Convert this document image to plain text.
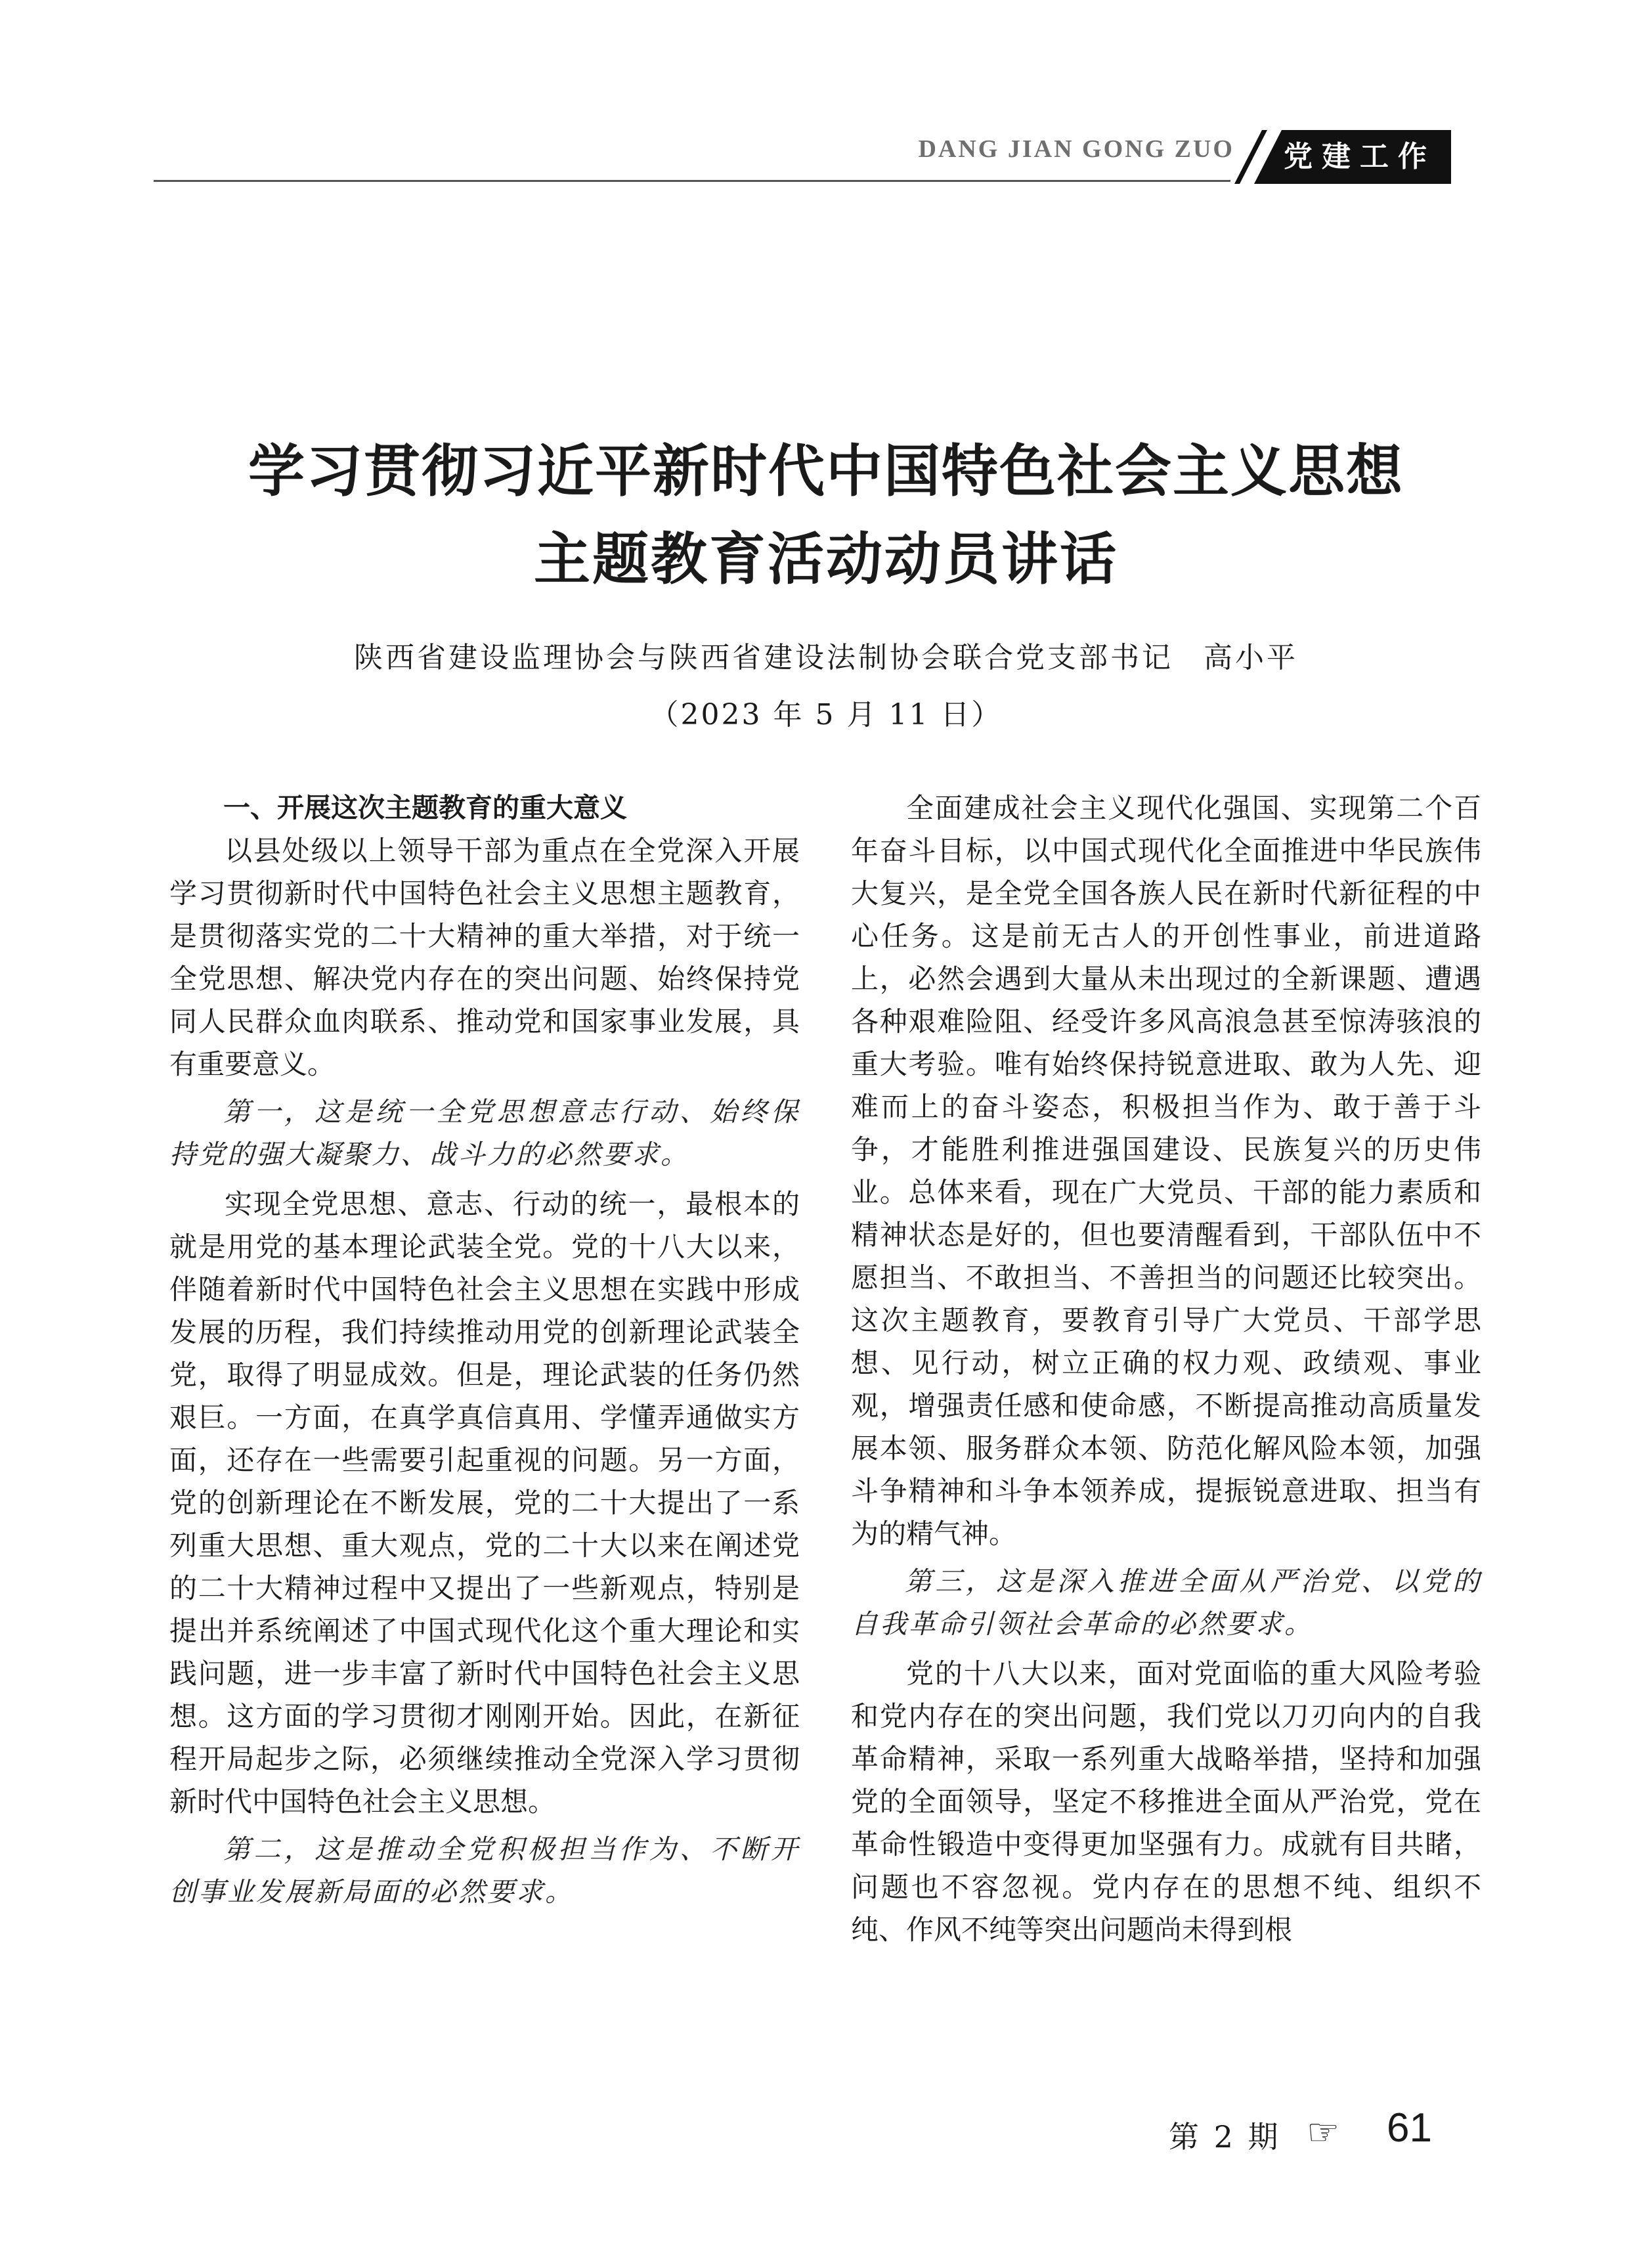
DANG JIAN GONG ZUO	党建工作
学习贯彻习近平新时代中国特色社会主义思想
主题教育活动动员讲话
陕西省建设监理协会与陕西省建设法制协会联合党支部书记 高小平
（2023 年 5 月 11 日）

一、开展这次主题教育的重大意义

以县处级以上领导干部为重点在全党深入开展学习贯彻新时代中国特色社会主义思想主题教育，是贯彻落实党的二十大精神的重大举措，对于统一全党思想、解决党内存在的突出问题、始终保持党同人民群众血肉联系、推动党和国家事业发展，具有重要意义。

第一，这是统一全党思想意志行动、始终保持党的强大凝聚力、战斗力的必然要求。

实现全党思想、意志、行动的统一，最根本的就是用党的基本理论武装全党。党的十八大以来，伴随着新时代中国特色社会主义思想在实践中形成发展的历程，我们持续推动用党的创新理论武装全党，取得了明显成效。但是，理论武装的任务仍然艰巨。一方面，在真学真信真用、学懂弄通做实方面，还存在一些需要引起重视的问题。另一方面，党的创新理论在不断发展，党的二十大提出了一系列重大思想、重大观点，党的二十大以来在阐述党的二十大精神过程中又提出了一些新观点，特别是提出并系统阐述了中国式现代化这个重大理论和实践问题，进一步丰富了新时代中国特色社会主义思想。这方面的学习贯彻才刚刚开始。因此，在新征程开局起步之际，必须继续推动全党深入学习贯彻新时代中国特色社会主义思想。

第二，这是推动全党积极担当作为、不断开创事业发展新局面的必然要求。

全面建成社会主义现代化强国、实现第二个百年奋斗目标，以中国式现代化全面推进中华民族伟大复兴，是全党全国各族人民在新时代新征程的中心任务。这是前无古人的开创性事业，前进道路上，必然会遇到大量从未出现过的全新课题、遭遇各种艰难险阻、经受许多风高浪急甚至惊涛骇浪的重大考验。唯有始终保持锐意进取、敢为人先、迎难而上的奋斗姿态，积极担当作为、敢于善于斗争，才能胜利推进强国建设、民族复兴的历史伟业。总体来看，现在广大党员、干部的能力素质和精神状态是好的，但也要清醒看到，干部队伍中不愿担当、不敢担当、不善担当的问题还比较突出。这次主题教育，要教育引导广大党员、干部学思想、见行动，树立正确的权力观、政绩观、事业观，增强责任感和使命感，不断提高推动高质量发展本领、服务群众本领、防范化解风险本领，加强斗争精神和斗争本领养成，提振锐意进取、担当有为的精气神。

第三，这是深入推进全面从严治党、以党的自我革命引领社会革命的必然要求。

党的十八大以来，面对党面临的重大风险考验和党内存在的突出问题，我们党以刀刃向内的自我革命精神，采取一系列重大战略举措，坚持和加强党的全面领导，坚定不移推进全面从严治党，党在革命性锻造中变得更加坚强有力。成就有目共睹，问题也不容忽视。党内存在的思想不纯、组织不纯、作风不纯等突出问题尚未得到根

第 2 期 ☞ 61
